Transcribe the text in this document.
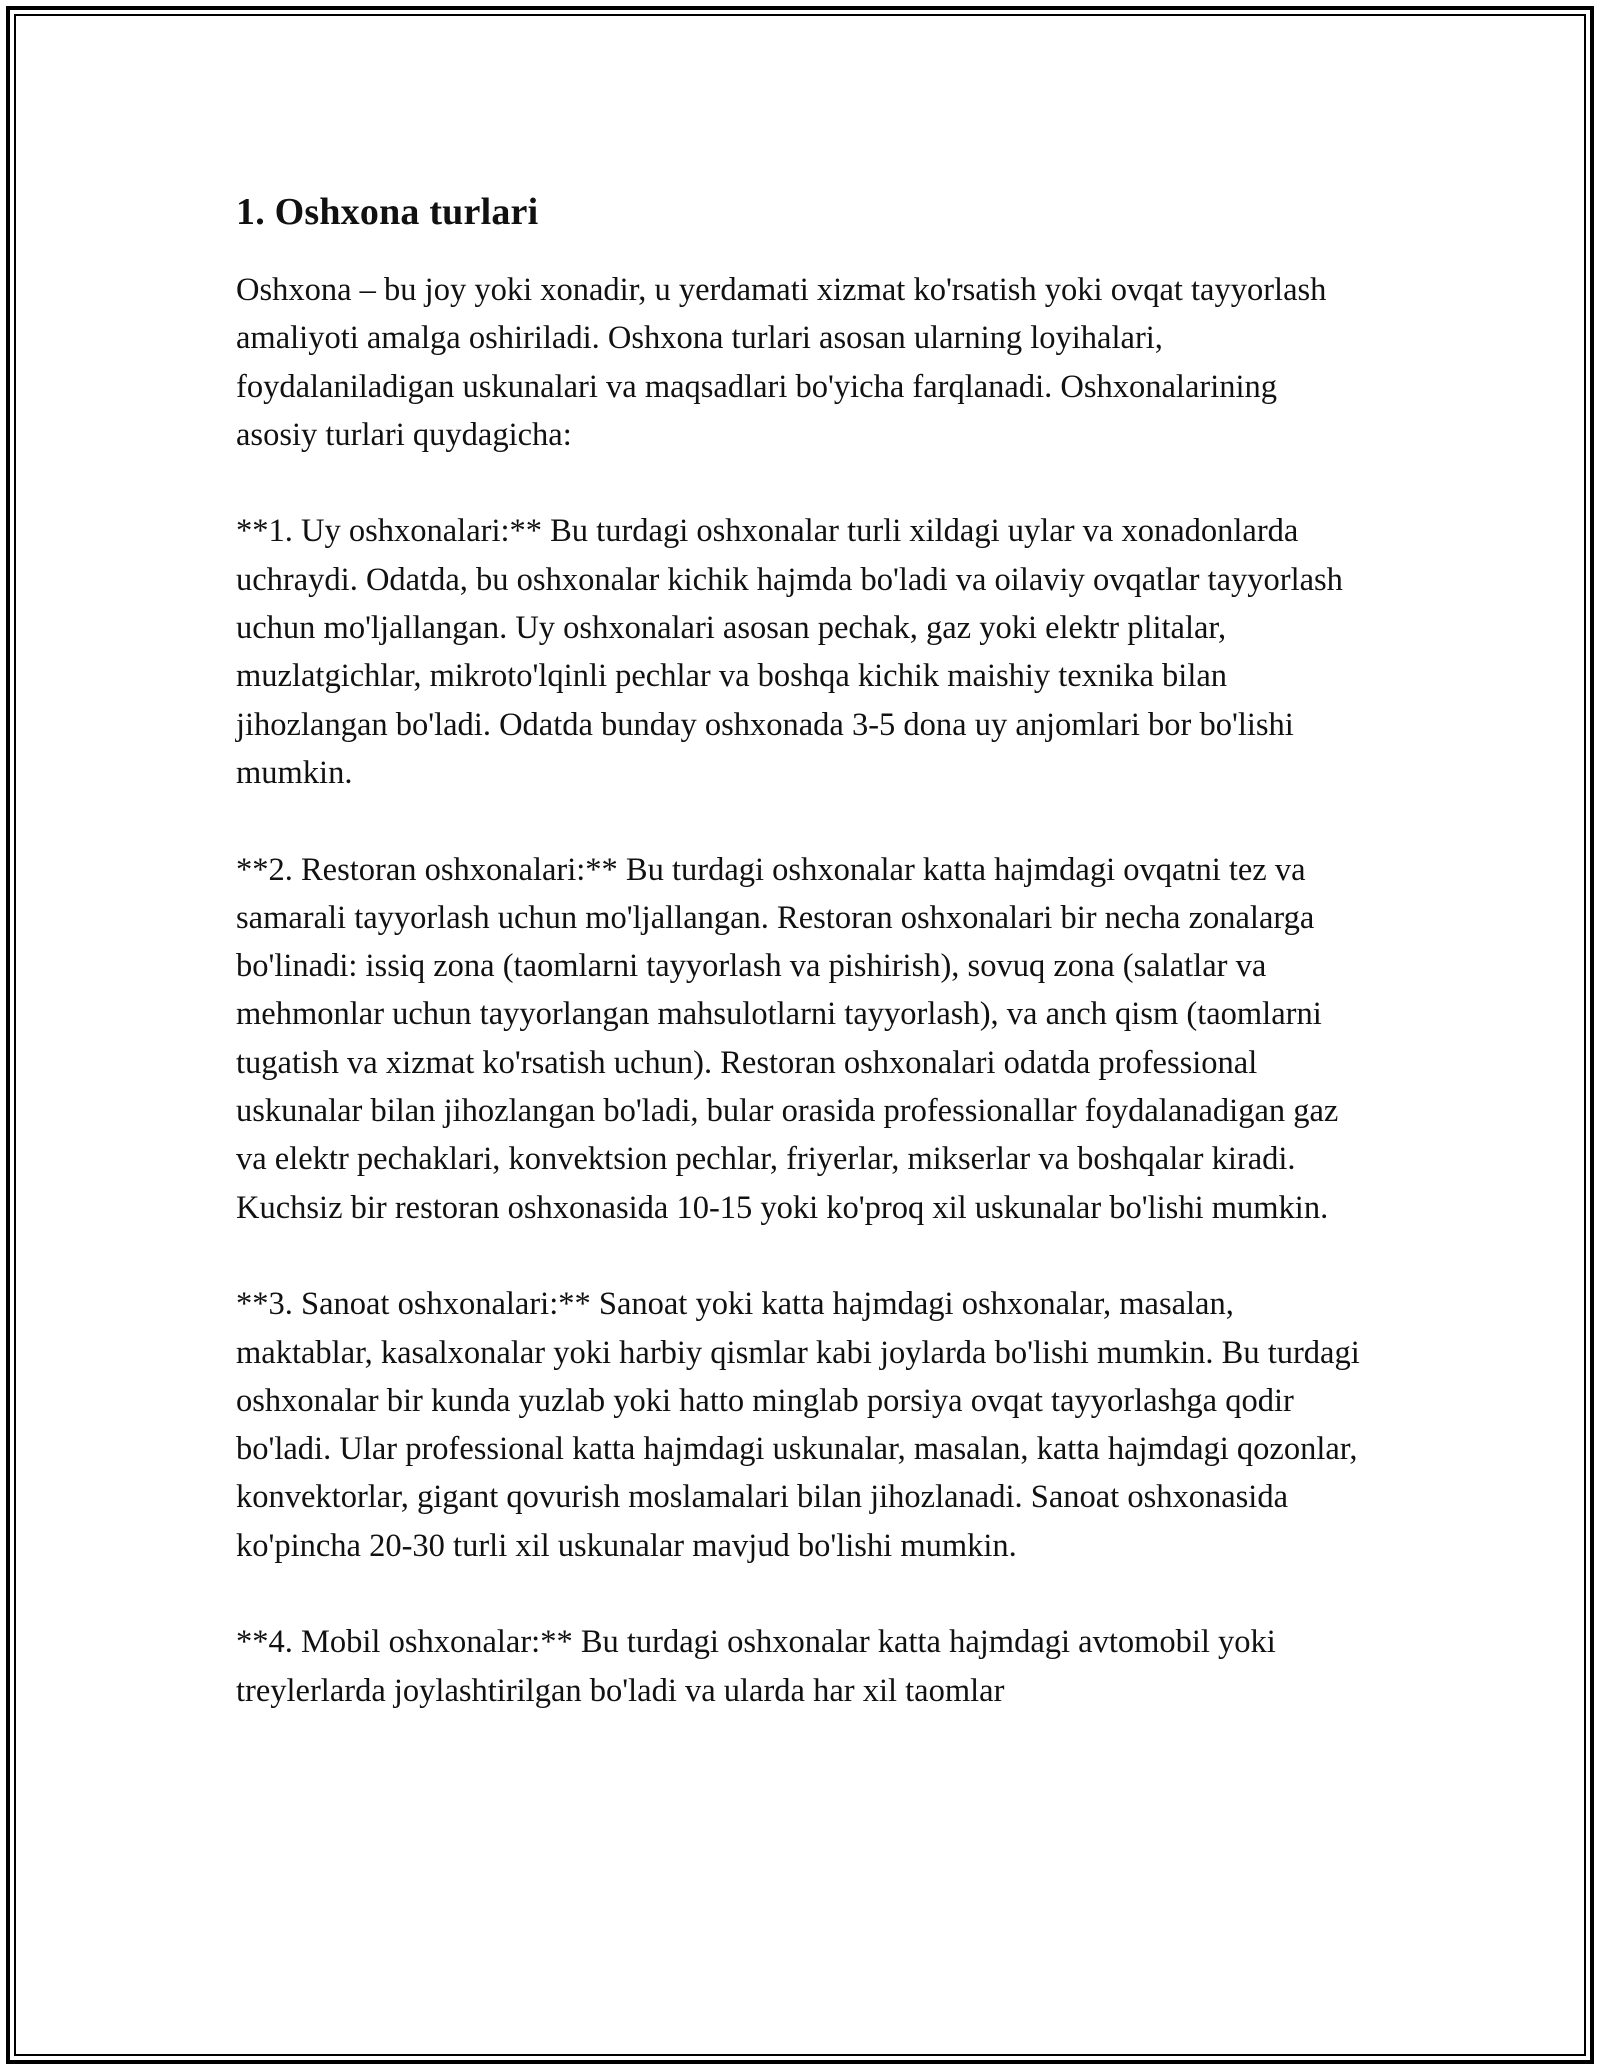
1. Oshxona turlari

Oshxona – bu joy yoki xonadir, u yerdamati xizmat ko'rsatish yoki ovqat tayyorlash amaliyoti amalga oshiriladi. Oshxona turlari asosan ularning loyihalari, foydalaniladigan uskunalari va maqsadlari bo'yicha farqlanadi. Oshxonalarining asosiy turlari quydagicha:

**1. Uy oshxonalari:** Bu turdagi oshxonalar turli xildagi uylar va xonadonlarda uchraydi. Odatda, bu oshxonalar kichik hajmda bo'ladi va oilaviy ovqatlar tayyorlash uchun mo'ljallangan. Uy oshxonalari asosan pechak, gaz yoki elektr plitalar, muzlatgichlar, mikroto'lqinli pechlar va boshqa kichik maishiy texnika bilan jihozlangan bo'ladi. Odatda bunday oshxonada 3-5 dona uy anjomlari bor bo'lishi mumkin.

**2. Restoran oshxonalari:** Bu turdagi oshxonalar katta hajmdagi ovqatni tez va samarali tayyorlash uchun mo'ljallangan. Restoran oshxonalari bir necha zonalarga bo'linadi: issiq zona (taomlarni tayyorlash va pishirish), sovuq zona (salatlar va mehmonlar uchun tayyorlangan mahsulotlarni tayyorlash), va anch qism (taomlarni tugatish va xizmat ko'rsatish uchun). Restoran oshxonalari odatda professional uskunalar bilan jihozlangan bo'ladi, bular orasida professionallar foydalanadigan gaz va elektr pechaklari, konvektsion pechlar, friyerlar, mikserlar va boshqalar kiradi. Kuchsiz bir restoran oshxonasida 10-15 yoki ko'proq xil uskunalar bo'lishi mumkin.

**3. Sanoat oshxonalari:** Sanoat yoki katta hajmdagi oshxonalar, masalan, maktablar, kasalxonalar yoki harbiy qismlar kabi joylarda bo'lishi mumkin. Bu turdagi oshxonalar bir kunda yuzlab yoki hatto minglab porsiya ovqat tayyorlashga qodir bo'ladi. Ular professional katta hajmdagi uskunalar, masalan, katta hajmdagi qozonlar, konvektorlar, gigant qovurish moslamalari bilan jihozlanadi. Sanoat oshxonasida ko'pincha 20-30 turli xil uskunalar mavjud bo'lishi mumkin.

**4. Mobil oshxonalar:** Bu turdagi oshxonalar katta hajmdagi avtomobil yoki treylerlarda joylashtirilgan bo'ladi va ularda har xil taomlar
